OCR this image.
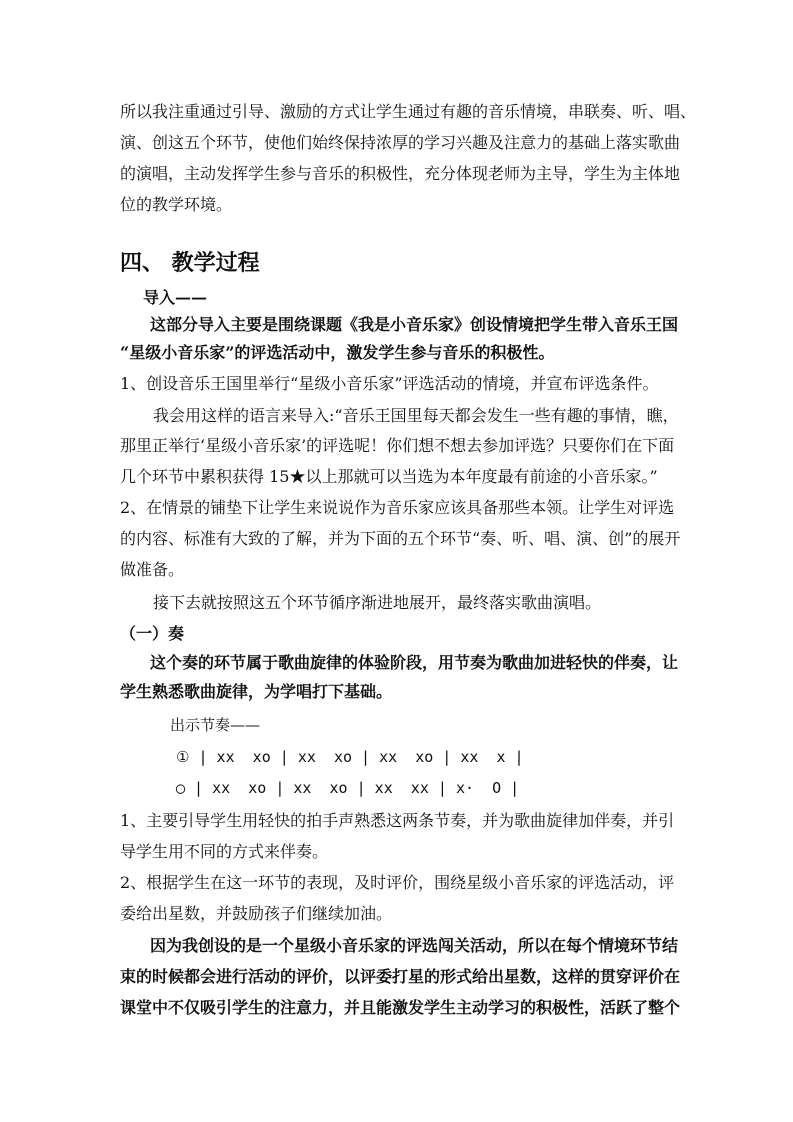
所以我注重通过引导、激励的方式让学生通过有趣的音乐情境，串联奏、听、唱、
演、创这五个环节，使他们始终保持浓厚的学习兴趣及注意力的基础上落实歌曲
的演唱，主动发挥学生参与音乐的积极性，充分体现老师为主导，学生为主体地
位的教学环境。
四、 教学过程
导入——
这部分导入主要是围绕课题《我是小音乐家》创设情境把学生带入音乐王国
“星级小音乐家”的评选活动中，激发学生参与音乐的积极性。
1、创设音乐王国里举行“星级小音乐家”评选活动的情境，并宣布评选条件。
我会用这样的语言来导入:“音乐王国里每天都会发生一些有趣的事情，瞧，
那里正举行‘星级小音乐家’的评选呢！你们想不想去参加评选？只要你们在下面
几个环节中累积获得 15★以上那就可以当选为本年度最有前途的小音乐家。”
2、在情景的铺垫下让学生来说说作为音乐家应该具备那些本领。让学生对评选
的内容、标准有大致的了解，并为下面的五个环节“奏、听、唱、演、创”的展开
做准备。
接下去就按照这五个环节循序渐进地展开，最终落实歌曲演唱。
（一）奏
这个奏的环节属于歌曲旋律的体验阶段，用节奏为歌曲加进轻快的伴奏，让
学生熟悉歌曲旋律，为学唱打下基础。
出示节奏——
① | xx  xo | xx  xo | xx  xo | xx  x |
◯ | xx  xo | xx  xo | xx  xx | x·  O |
1、主要引导学生用轻快的拍手声熟悉这两条节奏，并为歌曲旋律加伴奏，并引
导学生用不同的方式来伴奏。
2、根据学生在这一环节的表现，及时评价，围绕星级小音乐家的评选活动，评
委给出星数，并鼓励孩子们继续加油。
因为我创设的是一个星级小音乐家的评选闯关活动，所以在每个情境环节结
束的时候都会进行活动的评价，以评委打星的形式给出星数，这样的贯穿评价在
课堂中不仅吸引学生的注意力，并且能激发学生主动学习的积极性，活跃了整个
